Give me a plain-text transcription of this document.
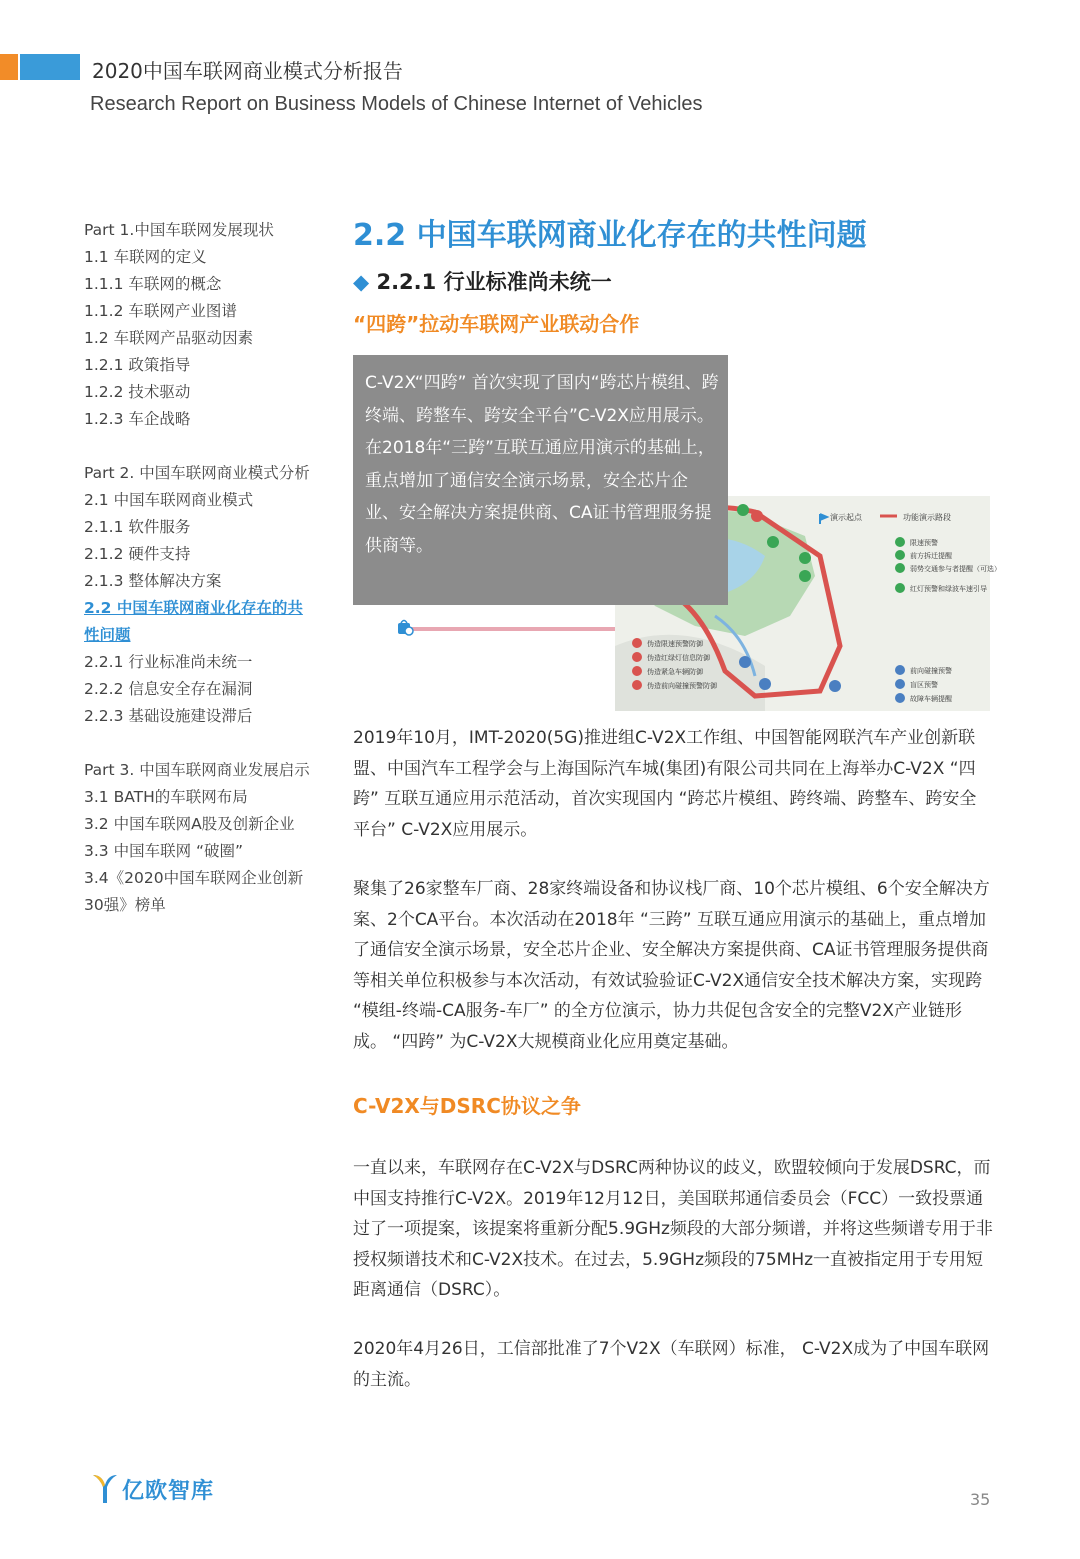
2020中国车联网商业模式分析报告
Research Report on Business Models of Chinese Internet of Vehicles
Part 1.中国车联网发展现状
1.1 车联网的定义
1.1.1 车联网的概念
1.1.2 车联网产业图谱
1.2 车联网产品驱动因素
1.2.1 政策指导
1.2.2 技术驱动
1.2.3 车企战略
Part 2. 中国车联网商业模式分析
2.1 中国车联网商业模式
2.1.1 软件服务
2.1.2 硬件支持
2.1.3 整体解决方案
2.2 中国车联网商业化存在的共
性问题
2.2.1 行业标准尚未统一
2.2.2 信息安全存在漏洞
2.2.3 基础设施建设滞后
Part 3. 中国车联网商业发展启示
3.1 BATH的车联网布局
3.2 中国车联网A股及创新企业
3.3 中国车联网 “破圈”
3.4《2020中国车联网企业创新
30强》榜单
2.2 中国车联网商业化存在的共性问题
◆ 2.2.1 行业标准尚未统一
“四跨”拉动车联网产业联动合作
演示起点	功能演示路段
限速预警
前方拆迁提醒
弱势交通参与者提醒（可选）
红灯预警和绿波车速引导
伪造限速预警防御
伪造红绿灯信息防御
伪造紧急车辆防御
伪造前向碰撞预警防御
前向碰撞预警
盲区预警
故障车辆提醒
C-V2X“四跨” 首次实现了国内“跨芯片模组、跨终端、跨整车、跨安全平台”C-V2X应用展示。在2018年“三跨”互联互通应用演示的基础上，重点增加了通信安全演示场景，安全芯片企业、安全解决方案提供商、CA证书管理服务提供商等。
2019年10月，IMT-2020(5G)推进组C-V2X工作组、中国智能网联汽车产业创新联盟、中国汽车工程学会与上海国际汽车城(集团)有限公司共同在上海举办C-V2X “四跨” 互联互通应用示范活动，首次实现国内 “跨芯片模组、跨终端、跨整车、跨安全平台” C-V2X应用展示。
聚集了26家整车厂商、28家终端设备和协议栈厂商、10个芯片模组、6个安全解决方案、2个CA平台。本次活动在2018年 “三跨” 互联互通应用演示的基础上，重点增加了通信安全演示场景，安全芯片企业、安全解决方案提供商、CA证书管理服务提供商等相关单位积极参与本次活动，有效试验验证C-V2X通信安全技术解决方案，实现跨 “模组-终端-CA服务-车厂” 的全方位演示，协力共促包含安全的完整V2X产业链形成。 “四跨” 为C-V2X大规模商业化应用奠定基础。
C-V2X与DSRC协议之争
一直以来，车联网存在C-V2X与DSRC两种协议的歧义，欧盟较倾向于发展DSRC，而中国支持推行C-V2X。2019年12月12日，美国联邦通信委员会（FCC）一致投票通过了一项提案，该提案将重新分配5.9GHz频段的大部分频谱，并将这些频谱专用于非授权频谱技术和C-V2X技术。在过去，5.9GHz频段的75MHz一直被指定用于专用短距离通信（DSRC）。
2020年4月26日，工信部批准了7个V2X（车联网）标准， C-V2X成为了中国车联网的主流。
亿欧智库	35
